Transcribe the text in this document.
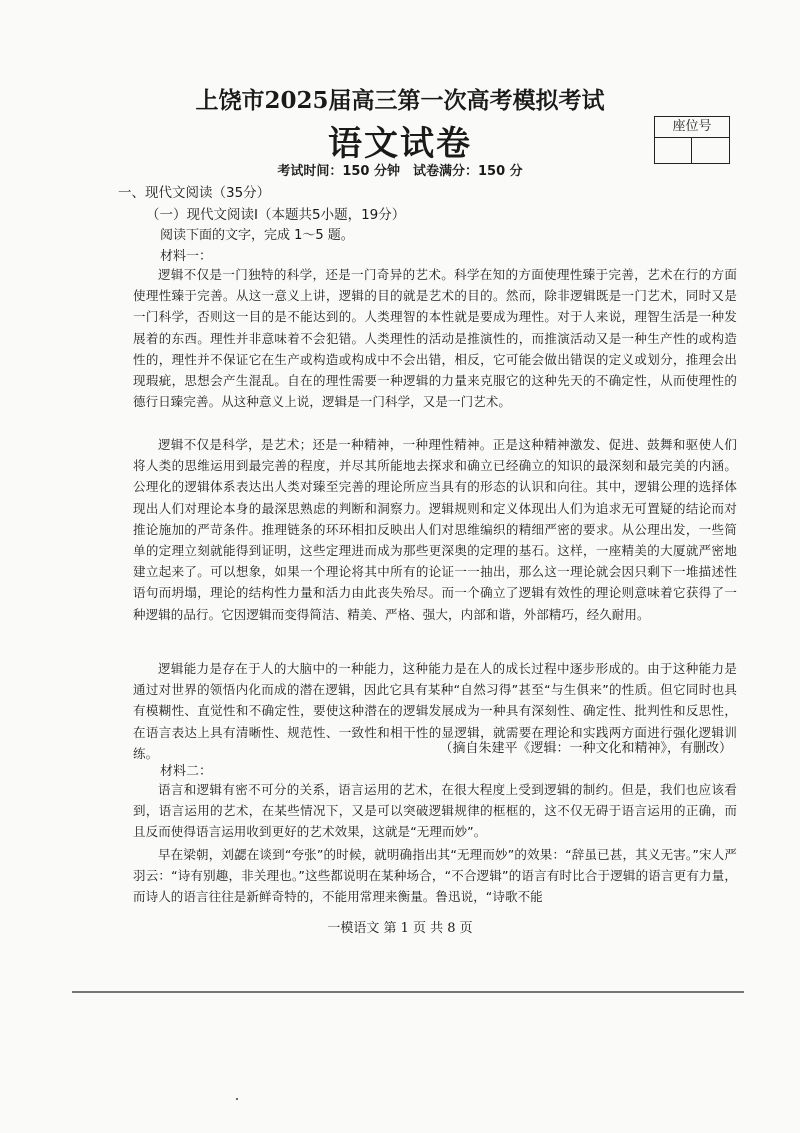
上饶市2025届高三第一次高考模拟考试
语文试卷	座位号
考试时间：150 分钟　试卷满分：150 分
一、现代文阅读（35分）
（一）现代文阅读Ⅰ（本题共5小题，19分）
阅读下面的文字，完成 1～5 题。
材料一：

逻辑不仅是一门独特的科学，还是一门奇异的艺术。科学在知的方面使理性臻于完善，艺术在行的方面使理性臻于完善。从这一意义上讲，逻辑的目的就是艺术的目的。然而，除非逻辑既是一门艺术，同时又是一门科学，否则这一目的是不能达到的。人类理智的本性就是要成为理性。对于人来说，理智生活是一种发展着的东西。理性并非意味着不会犯错。人类理性的活动是推演性的，而推演活动又是一种生产性的或构造性的，理性并不保证它在生产或构造或构成中不会出错，相反，它可能会做出错误的定义或划分，推理会出现瑕疵，思想会产生混乱。自在的理性需要一种逻辑的力量来克服它的这种先天的不确定性，从而使理性的德行日臻完善。从这种意义上说，逻辑是一门科学，又是一门艺术。

逻辑不仅是科学，是艺术；还是一种精神，一种理性精神。正是这种精神激发、促进、鼓舞和驱使人们将人类的思维运用到最完善的程度，并尽其所能地去探求和确立已经确立的知识的最深刻和最完美的内涵。公理化的逻辑体系表达出人类对臻至完善的理论所应当具有的形态的认识和向往。其中，逻辑公理的选择体现出人们对理论本身的最深思熟虑的判断和洞察力。逻辑规则和定义体现出人们为追求无可置疑的结论而对推论施加的严苛条件。推理链条的环环相扣反映出人们对思维编织的精细严密的要求。从公理出发，一些简单的定理立刻就能得到证明，这些定理进而成为那些更深奥的定理的基石。这样，一座精美的大厦就严密地建立起来了。可以想象，如果一个理论将其中所有的论证一一抽出，那么这一理论就会因只剩下一堆描述性语句而坍塌，理论的结构性力量和活力由此丧失殆尽。而一个确立了逻辑有效性的理论则意味着它获得了一种逻辑的品行。它因逻辑而变得简洁、精美、严格、强大，内部和谐，外部精巧，经久耐用。

逻辑能力是存在于人的大脑中的一种能力，这种能力是在人的成长过程中逐步形成的。由于这种能力是通过对世界的领悟内化而成的潜在逻辑，因此它具有某种“自然习得”甚至“与生俱来”的性质。但它同时也具有模糊性、直觉性和不确定性，要使这种潜在的逻辑发展成为一种具有深刻性、确定性、批判性和反思性，在语言表达上具有清晰性、规范性、一致性和相干性的显逻辑，就需要在理论和实践两方面进行强化逻辑训练。	（摘自朱建平《逻辑：一种文化和精神》，有删改）
材料二：

语言和逻辑有密不可分的关系，语言运用的艺术，在很大程度上受到逻辑的制约。但是，我们也应该看到，语言运用的艺术，在某些情况下，又是可以突破逻辑规律的框框的，这不仅无碍于语言运用的正确，而且反而使得语言运用收到更好的艺术效果，这就是“无理而妙”。

早在梁朝，刘勰在谈到“夸张”的时候，就明确指出其“无理而妙”的效果：“辞虽已甚，其义无害。”宋人严羽云：“诗有别趣，非关理也。”这些都说明在某种场合，“不合逻辑”的语言有时比合于逻辑的语言更有力量，而诗人的语言往往是新鲜奇特的，不能用常理来衡量。鲁迅说，“诗歌不能

一模语文 第 1 页 共 8 页
